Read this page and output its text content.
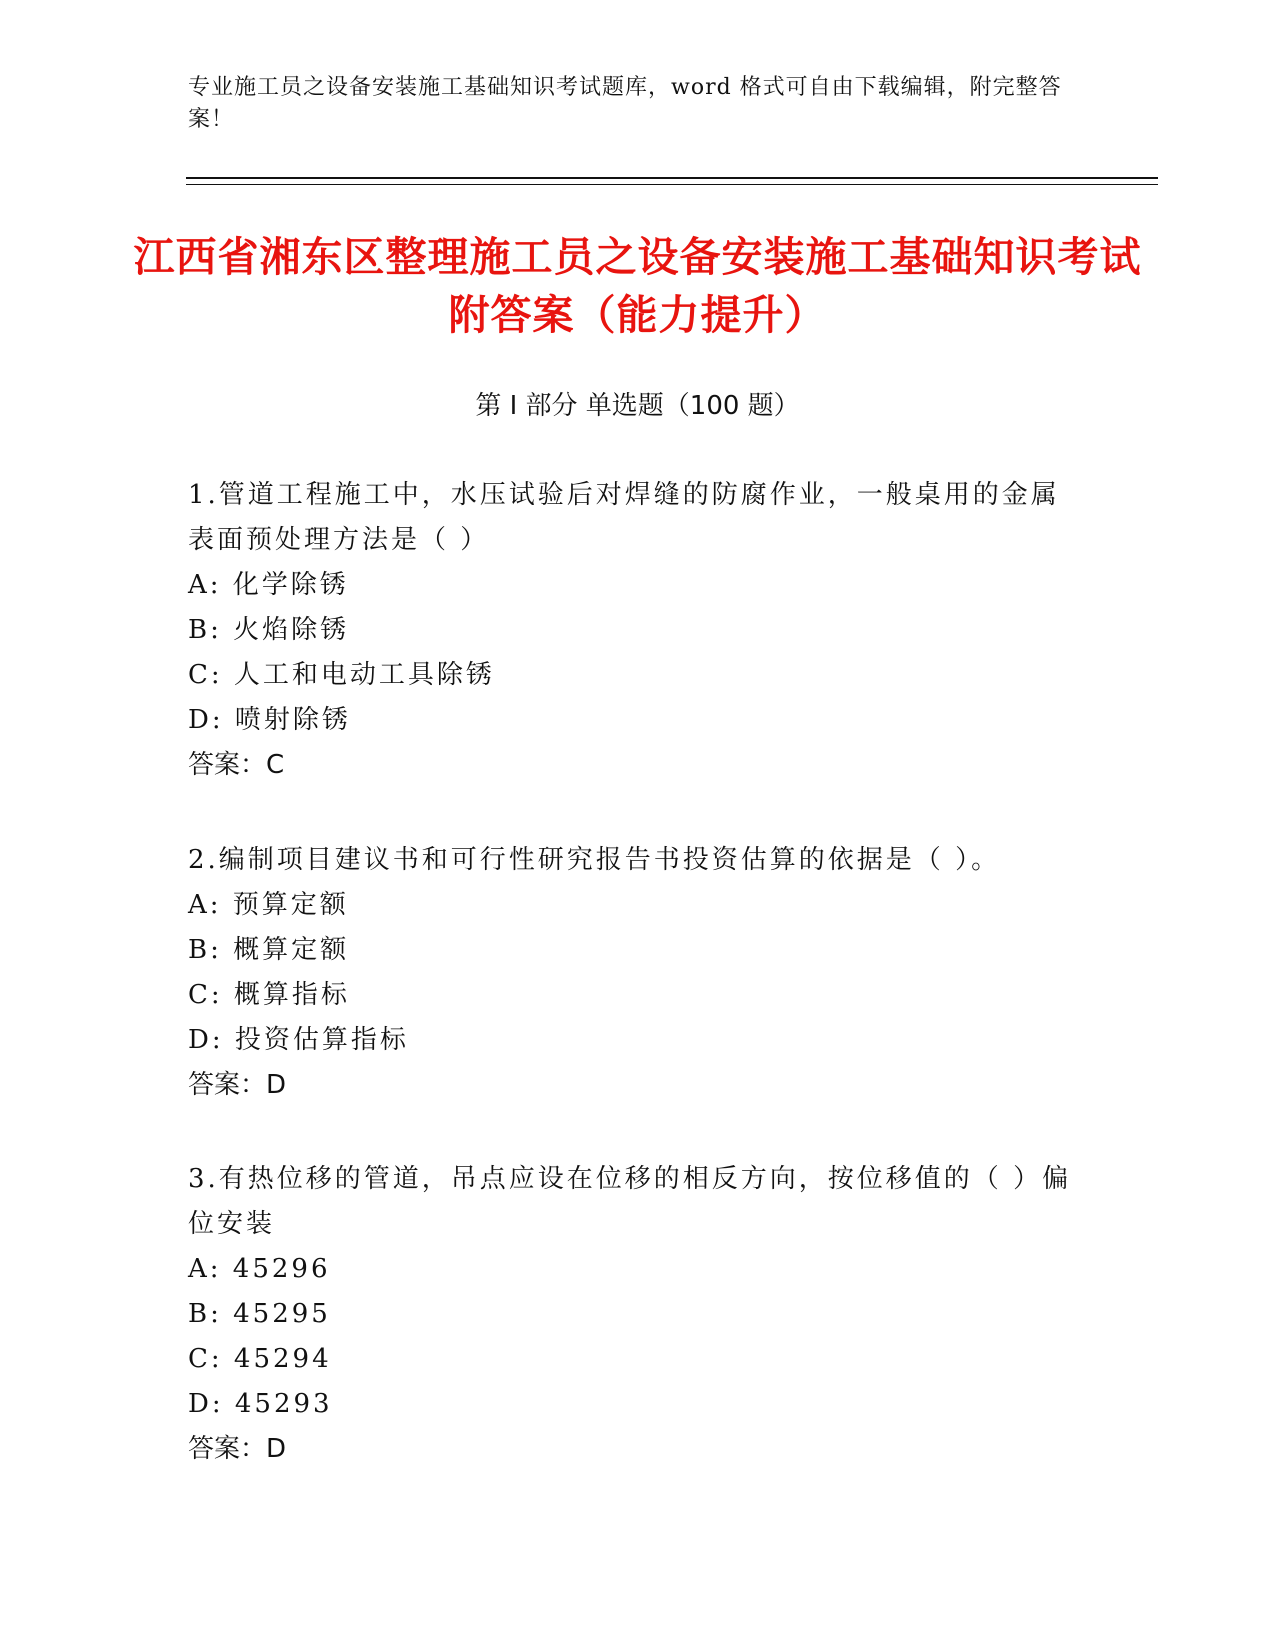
专业施工员之设备安装施工基础知识考试题库，word 格式可自由下载编辑，附完整答案！
江西省湘东区整理施工员之设备安装施工基础知识考试附答案（能力提升）
第 I 部分 单选题（100 题）

1.管道工程施工中，水压试验后对焊缝的防腐作业，一般桌用的金属表面预处理方法是（ ）

A: 化学除锈

B: 火焰除锈

C: 人工和电动工具除锈

D: 喷射除锈

答案：C

2.编制项目建议书和可行性研究报告书投资估算的依据是（ ）。

A: 预算定额

B: 概算定额

C: 概算指标

D: 投资估算指标

答案：D

3.有热位移的管道，吊点应设在位移的相反方向，按位移值的（ ）偏位安装

A: 45296

B: 45295

C: 45294

D: 45293

答案：D
